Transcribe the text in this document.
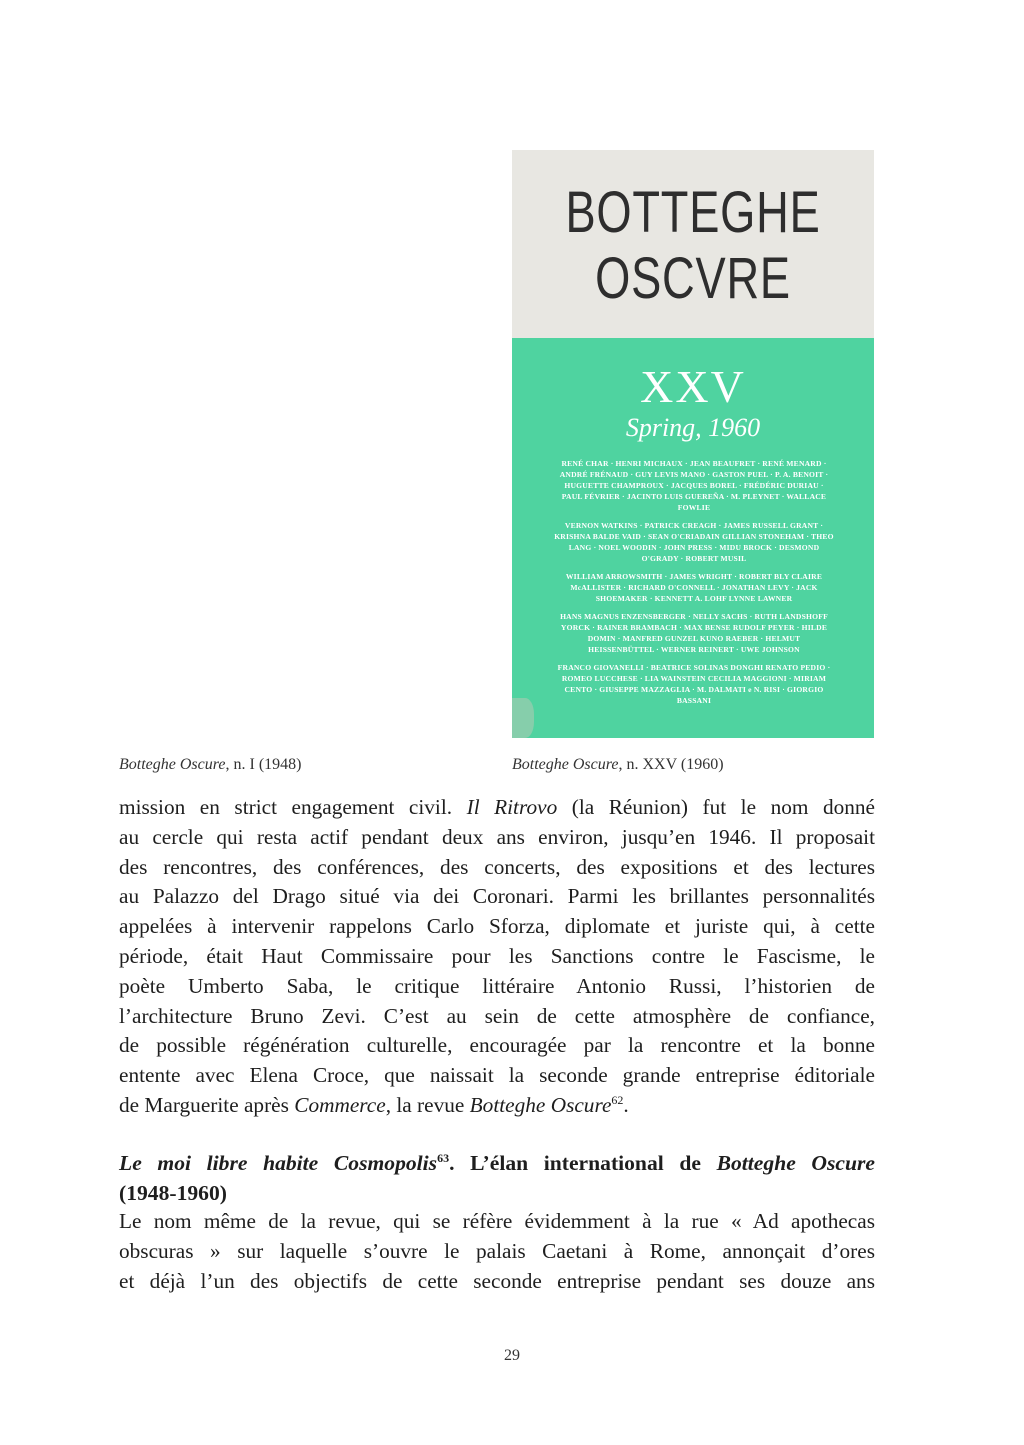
BOTTEGHE
OSCVRE
XXV
Spring, 1960

RENÉ CHAR · HENRI MICHAUX · JEAN BEAUFRET · RENÉ MENARD · ANDRÉ FRÉNAUD · GUY LEVIS MANO · GASTON PUEL · P. A. BENOIT · HUGUETTE CHAMPROUX · JACQUES BOREL · FRÉDÉRIC DURIAU · PAUL FÉVRIER · JACINTO LUIS GUEREÑA · M. PLEYNET · WALLACE FOWLIE

VERNON WATKINS · PATRICK CREAGH · JAMES RUSSELL GRANT · KRISHNA BALDE VAID · SEAN O'CRIADAIN GILLIAN STONEHAM · THEO LANG · NOEL WOODIN · JOHN PRESS · MIDU BROCK · DESMOND O'GRADY · ROBERT MUSIL

WILLIAM ARROWSMITH · JAMES WRIGHT · ROBERT BLY CLAIRE McALLISTER · RICHARD O'CONNELL · JONATHAN LEVY · JACK SHOEMAKER · KENNETT A. LOHF LYNNE LAWNER

HANS MAGNUS ENZENSBERGER · NELLY SACHS · RUTH LANDSHOFF YORCK · RAINER BRAMBACH · MAX BENSE RUDOLF PEYER · HILDE DOMIN · MANFRED GUNZEL KUNO RAEBER · HELMUT HEISSENBÜTTEL · WERNER REINERT · UWE JOHNSON

FRANCO GIOVANELLI · BEATRICE SOLINAS DONGHI RENATO PEDIO · ROMEO LUCCHESE · LIA WAINSTEIN CECILIA MAGGIONI · MIRIAM CENTO · GIUSEPPE MAZZAGLIA · M. DALMATI e N. RISI · GIORGIO BASSANI

Botteghe Oscure, n. I (1948)	Botteghe Oscure, n. XXV (1960)
mission en strict engagement civil. Il Ritrovo (la Réunion) fut le nom donné
au cercle qui resta actif pendant deux ans environ, jusqu’en 1946. Il proposait
des rencontres, des conférences, des concerts, des expositions et des lectures
au Palazzo del Drago situé via dei Coronari. Parmi les brillantes personnalités
appelées à intervenir rappelons Carlo Sforza, diplomate et juriste qui, à cette
période, était Haut Commissaire pour les Sanctions contre le Fascisme, le
poète Umberto Saba, le critique littéraire Antonio Russi, l’historien de
l’architecture Bruno Zevi. C’est au sein de cette atmosphère de confiance,
de possible régénération culturelle, encouragée par la rencontre et la bonne
entente avec Elena Croce, que naissait la seconde grande entreprise éditoriale
de Marguerite après Commerce, la revue Botteghe Oscure$^{62}$.
Le moi libre habite Cosmopolis$^{63}$. L’élan international de Botteghe Oscure
(1948-1960)
Le nom même de la revue, qui se réfère évidemment à la rue « Ad apothecas
obscuras » sur laquelle s’ouvre le palais Caetani à Rome, annonçait d’ores
et déjà l’un des objectifs de cette seconde entreprise pendant ses douze ans
29
